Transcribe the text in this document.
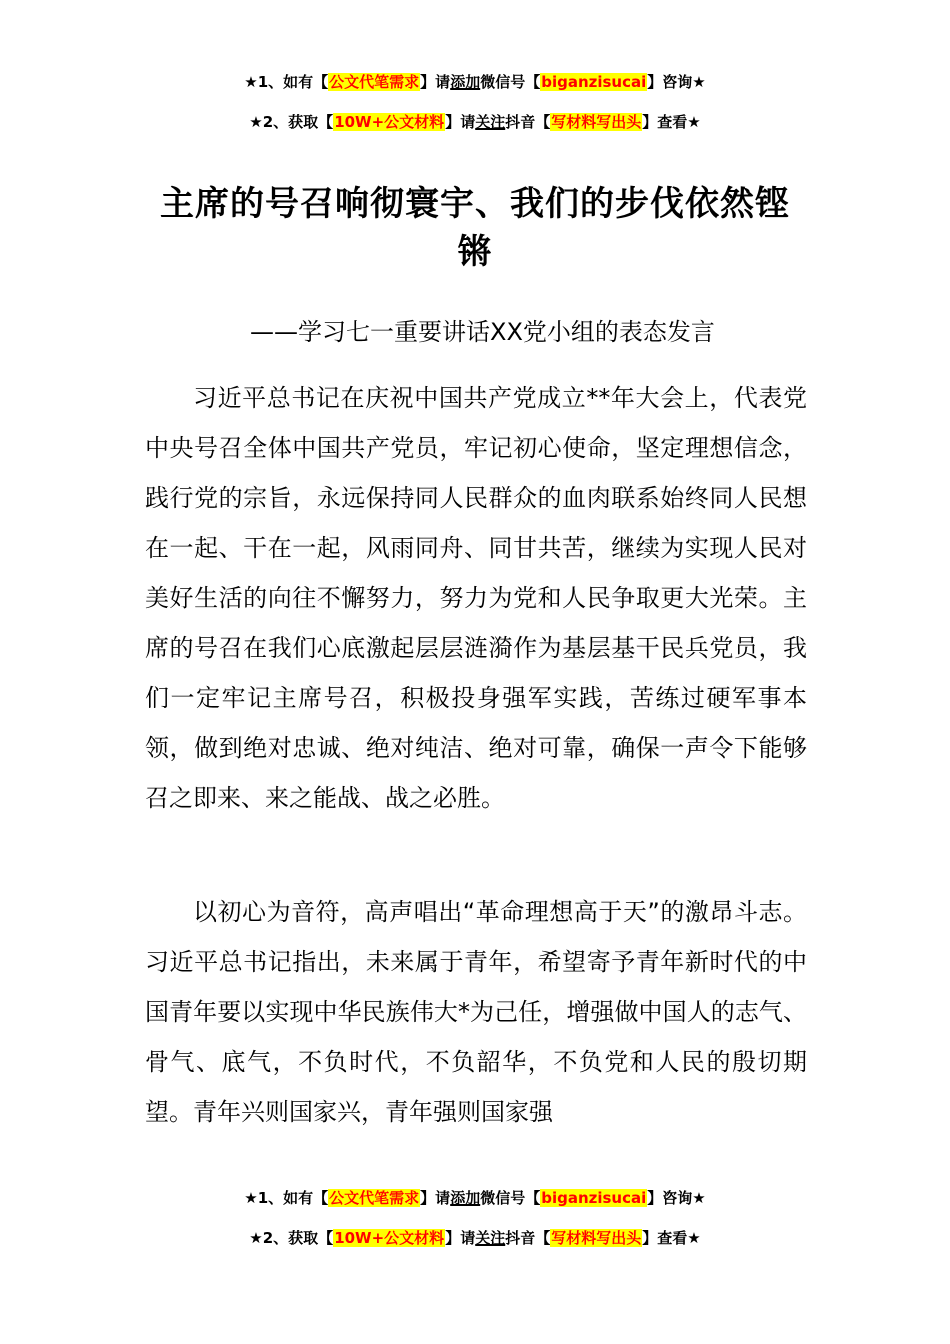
★1、如有【公文代笔需求】请添加微信号【biganzisucai】咨询★
★2、获取【10W+公文材料】请关注抖音【写材料写出头】查看★
主席的号召响彻寰宇、我们的步伐依然铿锵
——学习七一重要讲话XX党小组的表态发言

习近平总书记在庆祝中国共产党成立**年大会上，代表党中央号召全体中国共产党员，牢记初心使命，坚定理想信念，践行党的宗旨，永远保持同人民群众的血肉联系始终同人民想在一起、干在一起，风雨同舟、同甘共苦，继续为实现人民对美好生活的向往不懈努力，努力为党和人民争取更大光荣。主席的号召在我们心底激起层层涟漪作为基层基干民兵党员，我们一定牢记主席号召，积极投身强军实践，苦练过硬军事本领，做到绝对忠诚、绝对纯洁、绝对可靠，确保一声令下能够召之即来、来之能战、战之必胜。

以初心为音符，高声唱出“革命理想高于天”的激昂斗志。习近平总书记指出，未来属于青年，希望寄予青年新时代的中国青年要以实现中华民族伟大*为己任，增强做中国人的志气、骨气、底气，不负时代，不负韶华，不负党和人民的殷切期望。青年兴则国家兴，青年强则国家强

★1、如有【公文代笔需求】请添加微信号【biganzisucai】咨询★
★2、获取【10W+公文材料】请关注抖音【写材料写出头】查看★
